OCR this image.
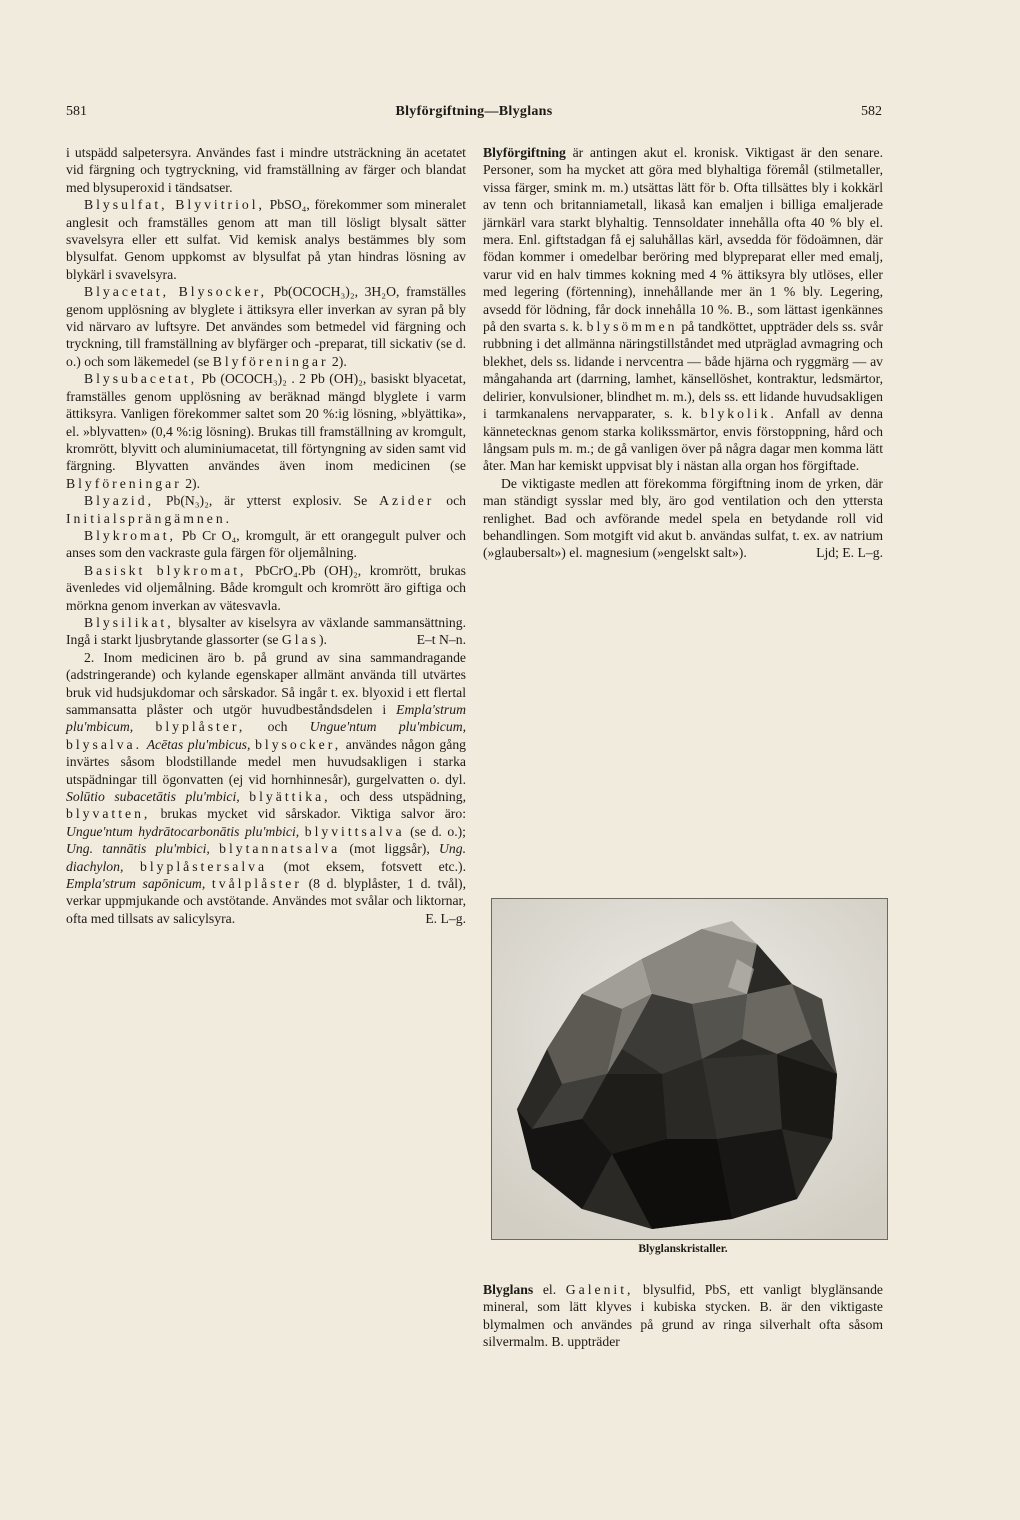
581	Blyförgiftning—Blyglans	582

i utspädd salpetersyra. Användes fast i mindre utsträckning än acetatet vid färgning och tygtryckning, vid framställning av färger och blandat med blysuperoxid i tändsatser.

Blysulfat, Blyvitriol, PbSO₄, förekommer som mineralet anglesit och framställes genom att man till lösligt blysalt sätter svavelsyra eller ett sulfat. Vid kemisk analys bestämmes bly som blysulfat. Genom uppkomst av blysulfat på ytan hindras lösning av blykärl i svavelsyra.

Blyacetat, Blysocker, Pb(OCOCH₃)₂, 3H₂O, framställes genom upplösning av blyglete i ättiksyra eller inverkan av syran på bly vid närvaro av luftsyre. Det användes som betmedel vid färgning och tryckning, till framställning av blyfärger och -preparat, till sickativ (se d. o.) och som läkemedel (se Blyföreningar 2).

Blysubacetat, Pb (OCOCH₃)₂ . 2 Pb (OH)₂, basiskt blyacetat, framställes genom upplösning av beräknad mängd blyglete i varm ättiksyra. Vanligen förekommer saltet som 20 %:ig lösning, »blyättika», el. »blyvatten» (0,4 %:ig lösning). Brukas till framställning av kromgult, kromrött, blyvitt och aluminiumacetat, till förtyngning av siden samt vid färgning. Blyvatten användes även inom medicinen (se Blyföreningar 2).

Blyazid, Pb(N₃)₂, är ytterst explosiv. Se Azider och Initialsprängämnen.

Blykromat, Pb Cr O₄, kromgult, är ett orangegult pulver och anses som den vackraste gula färgen för oljemålning.

Basiskt blykromat, PbCrO₄.Pb (OH)₂, kromrött, brukas ävenledes vid oljemålning. Både kromgult och kromrött äro giftiga och mörkna genom inverkan av vätesvavla.

Blysilikat, blysalter av kiselsyra av växlande sammansättning. Ingå i starkt ljusbrytande glassorter (se Glas).	E–t N–n.

2. Inom medicinen äro b. på grund av sina sammandragande (adstringerande) och kylande egenskaper allmänt använda till utvärtes bruk vid hudsjukdomar och sårskador. Så ingår t. ex. blyoxid i ett flertal sammansatta plåster och utgör huvudbeståndsdelen i Empla'strum plu'mbicum, blyplåster, och Ungue'ntum plu'mbicum, blysalva. Acētas plu'mbicus, blysocker, användes någon gång invärtes såsom blodstillande medel men huvudsakligen i starka utspädningar till ögonvatten (ej vid hornhinnesår), gurgelvatten o. dyl. Solūtio subacetātis plu'mbici, blyättika, och dess utspädning, blyvatten, brukas mycket vid sårskador. Viktiga salvor äro: Ungue'ntum hydrātocarbonātis plu'mbici, blyvittsalva (se d. o.); Ung. tannātis plu'mbici, blytannatsalva (mot liggsår), Ung. diachylon, blyplåstersalva (mot eksem, fotsvett etc.). Empla'strum sapōnicum, tvålplåster (8 d. blyplåster, 1 d. tvål), verkar uppmjukande och avstötande. Användes mot svålar och liktornar, ofta med tillsats av salicylsyra.	E. L–g.

Blyförgiftning är antingen akut el. kronisk. Viktigast är den senare. Personer, som ha mycket att göra med blyhaltiga föremål (stilmetaller, vissa färger, smink m. m.) utsättas lätt för b. Ofta tillsättes bly i kokkärl av tenn och britanniametall, likaså kan emaljen i billiga emaljerade järnkärl vara starkt blyhaltig. Tennsoldater innehålla ofta 40 % bly el. mera. Enl. giftstadgan få ej saluhållas kärl, avsedda för födoämnen, där födan kommer i omedelbar beröring med blypreparat eller med emalj, varur vid en halv timmes kokning med 4 % ättiksyra bly utlöses, eller med legering (förtenning), innehållande mer än 1 % bly. Legering, avsedd för lödning, får dock innehålla 10 %. B., som lättast igenkännes på den svarta s. k. blysömmen på tandköttet, uppträder dels ss. svår rubbning i det allmänna näringstillståndet med utpräglad avmagring och blekhet, dels ss. lidande i nervcentra — både hjärna och ryggmärg — av mångahanda art (darrning, lamhet, känsellöshet, kontraktur, ledsmärtor, delirier, konvulsioner, blindhet m. m.), dels ss. ett lidande huvudsakligen i tarmkanalens nervapparater, s. k. blykolik. Anfall av denna kännetecknas genom starka kolikssmärtor, envis förstoppning, hård och långsam puls m. m.; de gå vanligen över på några dagar men komma lätt åter. Man har kemiskt uppvisat bly i nästan alla organ hos förgiftade.

De viktigaste medlen att förekomma förgiftning inom de yrken, där man ständigt sysslar med bly, äro god ventilation och den yttersta renlighet. Bad och avförande medel spela en betydande roll vid behandlingen. Som motgift vid akut b. användas sulfat, t. ex. av natrium (»glaubersalt») el. magnesium (»engelskt salt»).	Ljd; E. L–g.

Blyglanskristaller.

Blyglans el. Galenit, blysulfid, PbS, ett vanligt blyglänsande mineral, som lätt klyves i kubiska stycken. B. är den viktigaste blymalmen och användes på grund av ringa silverhalt ofta såsom silvermalm. B. uppträder
